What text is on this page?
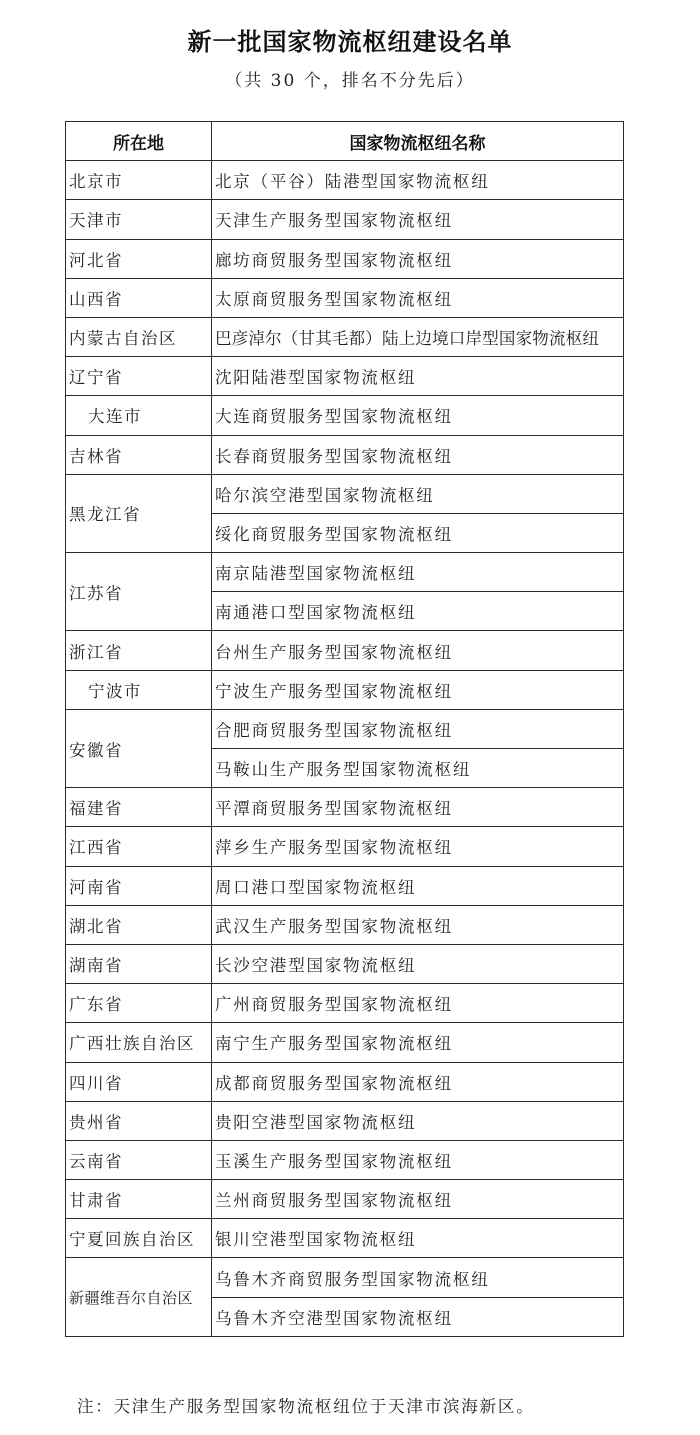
新一批国家物流枢纽建设名单
（共 30 个，排名不分先后）
所在地	国家物流枢纽名称
北京市	北京（平谷）陆港型国家物流枢纽
天津市	天津生产服务型国家物流枢纽
河北省	廊坊商贸服务型国家物流枢纽
山西省	太原商贸服务型国家物流枢纽
内蒙古自治区	巴彦淖尔（甘其毛都）陆上边境口岸型国家物流枢纽
辽宁省	沈阳陆港型国家物流枢纽
大连市	大连商贸服务型国家物流枢纽
吉林省	长春商贸服务型国家物流枢纽
黑龙江省	哈尔滨空港型国家物流枢纽
	绥化商贸服务型国家物流枢纽
江苏省	南京陆港型国家物流枢纽
	南通港口型国家物流枢纽
浙江省	台州生产服务型国家物流枢纽
宁波市	宁波生产服务型国家物流枢纽
安徽省	合肥商贸服务型国家物流枢纽
	马鞍山生产服务型国家物流枢纽
福建省	平潭商贸服务型国家物流枢纽
江西省	萍乡生产服务型国家物流枢纽
河南省	周口港口型国家物流枢纽
湖北省	武汉生产服务型国家物流枢纽
湖南省	长沙空港型国家物流枢纽
广东省	广州商贸服务型国家物流枢纽
广西壮族自治区	南宁生产服务型国家物流枢纽
四川省	成都商贸服务型国家物流枢纽
贵州省	贵阳空港型国家物流枢纽
云南省	玉溪生产服务型国家物流枢纽
甘肃省	兰州商贸服务型国家物流枢纽
宁夏回族自治区	银川空港型国家物流枢纽
新疆维吾尔自治区	乌鲁木齐商贸服务型国家物流枢纽
	乌鲁木齐空港型国家物流枢纽
注：天津生产服务型国家物流枢纽位于天津市滨海新区。
